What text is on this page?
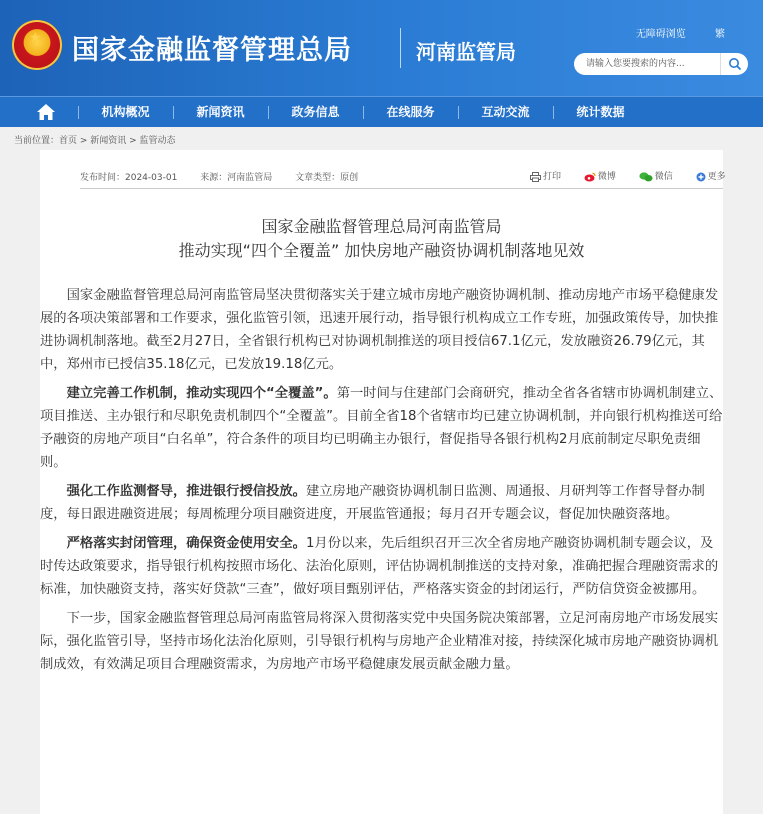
★
国家金融监督管理总局	河南监管局
无障碍浏览	繁
请输入您要搜索的内容...
机构概况	新闻资讯	政务信息	在线服务	互动交流	统计数据
当前位置：首页 > 新闻资讯 > 监管动态
发布时间：2024-03-01	来源：河南监管局	文章类型：原创	打印	微博	微信	更多
国家金融监督管理总局河南监管局
推动实现“四个全覆盖” 加快房地产融资协调机制落地见效

国家金融监督管理总局河南监管局坚决贯彻落实关于建立城市房地产融资协调机制、推动房地产市场平稳健康发展的各项决策部署和工作要求，强化监管引领，迅速开展行动，指导银行机构成立工作专班，加强政策传导，加快推进协调机制落地。截至2月27日，全省银行机构已对协调机制推送的项目授信67.1亿元，发放融资26.79亿元，其中，郑州市已授信35.18亿元，已发放19.18亿元。

建立完善工作机制，推动实现四个“全覆盖”。第一时间与住建部门会商研究，推动全省各省辖市协调机制建立、项目推送、主办银行和尽职免责机制四个“全覆盖”。目前全省18个省辖市均已建立协调机制，并向银行机构推送可给予融资的房地产项目“白名单”，符合条件的项目均已明确主办银行，督促指导各银行机构2月底前制定尽职免责细则。

强化工作监测督导，推进银行授信投放。建立房地产融资协调机制日监测、周通报、月研判等工作督导督办制度，每日跟进融资进展；每周梳理分项目融资进度，开展监管通报；每月召开专题会议，督促加快融资落地。

严格落实封闭管理，确保资金使用安全。1月份以来，先后组织召开三次全省房地产融资协调机制专题会议，及时传达政策要求，指导银行机构按照市场化、法治化原则，评估协调机制推送的支持对象，准确把握合理融资需求的标准，加快融资支持，落实好贷款“三查”，做好项目甄别评估，严格落实资金的封闭运行，严防信贷资金被挪用。

下一步，国家金融监督管理总局河南监管局将深入贯彻落实党中央国务院决策部署，立足河南房地产市场发展实际，强化监管引导，坚持市场化法治化原则，引导银行机构与房地产企业精准对接，持续深化城市房地产融资协调机制成效，有效满足项目合理融资需求，为房地产市场平稳健康发展贡献金融力量。
